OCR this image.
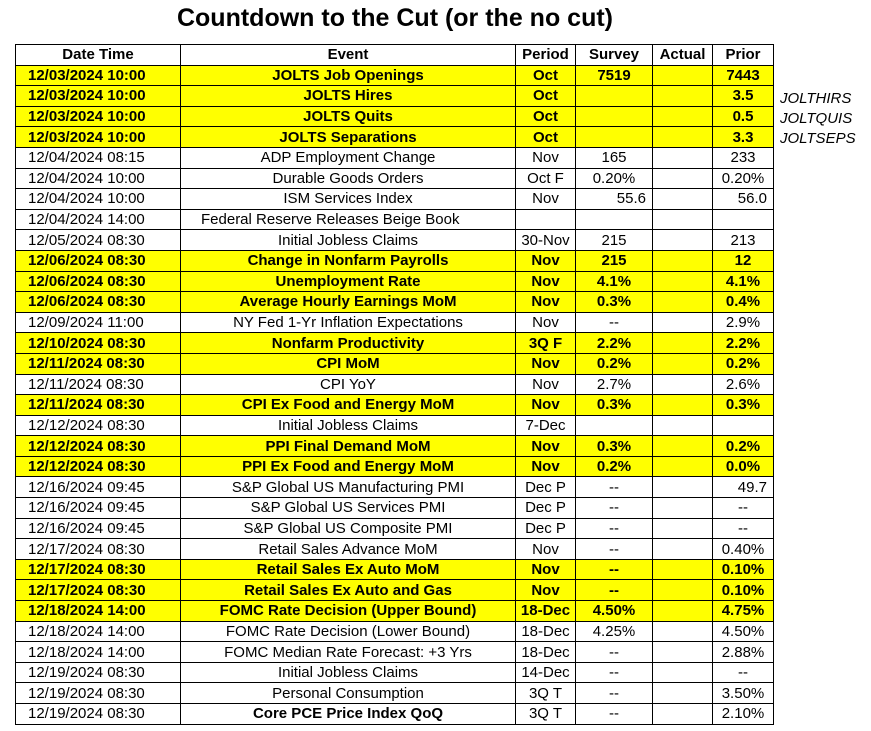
Countdown to the Cut (or the no cut)
Date Time	Event	Period	Survey	Actual	Prior
12/03/2024 10:00	JOLTS Job Openings	Oct	7519		7443
12/03/2024 10:00	JOLTS Hires	Oct			3.5
12/03/2024 10:00	JOLTS Quits	Oct			0.5
12/03/2024 10:00	JOLTS Separations	Oct			3.3
12/04/2024 08:15	ADP Employment Change	Nov	165		233
12/04/2024 10:00	Durable Goods Orders	Oct F	0.20%		0.20%
12/04/2024 10:00	ISM Services Index	Nov	55.6		56.0
12/04/2024 14:00	Federal Reserve Releases Beige Book				
12/05/2024 08:30	Initial Jobless Claims	30-Nov	215		213
12/06/2024 08:30	Change in Nonfarm Payrolls	Nov	215		12
12/06/2024 08:30	Unemployment Rate	Nov	4.1%		4.1%
12/06/2024 08:30	Average Hourly Earnings MoM	Nov	0.3%		0.4%
12/09/2024 11:00	NY Fed 1-Yr Inflation Expectations	Nov	--		2.9%
12/10/2024 08:30	Nonfarm Productivity	3Q F	2.2%		2.2%
12/11/2024 08:30	CPI MoM	Nov	0.2%		0.2%
12/11/2024 08:30	CPI YoY	Nov	2.7%		2.6%
12/11/2024 08:30	CPI Ex Food and Energy MoM	Nov	0.3%		0.3%
12/12/2024 08:30	Initial Jobless Claims	7-Dec			
12/12/2024 08:30	PPI Final Demand MoM	Nov	0.3%		0.2%
12/12/2024 08:30	PPI Ex Food and Energy MoM	Nov	0.2%		0.0%
12/16/2024 09:45	S&P Global US Manufacturing PMI	Dec P	--		49.7
12/16/2024 09:45	S&P Global US Services PMI	Dec P	--		--
12/16/2024 09:45	S&P Global US Composite PMI	Dec P	--		--
12/17/2024 08:30	Retail Sales Advance MoM	Nov	--		0.40%
12/17/2024 08:30	Retail Sales Ex Auto MoM	Nov	--		0.10%
12/17/2024 08:30	Retail Sales Ex Auto and Gas	Nov	--		0.10%
12/18/2024 14:00	FOMC Rate Decision (Upper Bound)	18-Dec	4.50%		4.75%
12/18/2024 14:00	FOMC Rate Decision (Lower Bound)	18-Dec	4.25%		4.50%
12/18/2024 14:00	FOMC Median Rate Forecast: +3 Yrs	18-Dec	--		2.88%
12/19/2024 08:30	Initial Jobless Claims	14-Dec	--		--
12/19/2024 08:30	Personal Consumption	3Q T	--		3.50%
12/19/2024 08:30	Core PCE Price Index QoQ	3Q T	--		2.10%
JOLTHIRS
JOLTQUIS
JOLTSEPS
